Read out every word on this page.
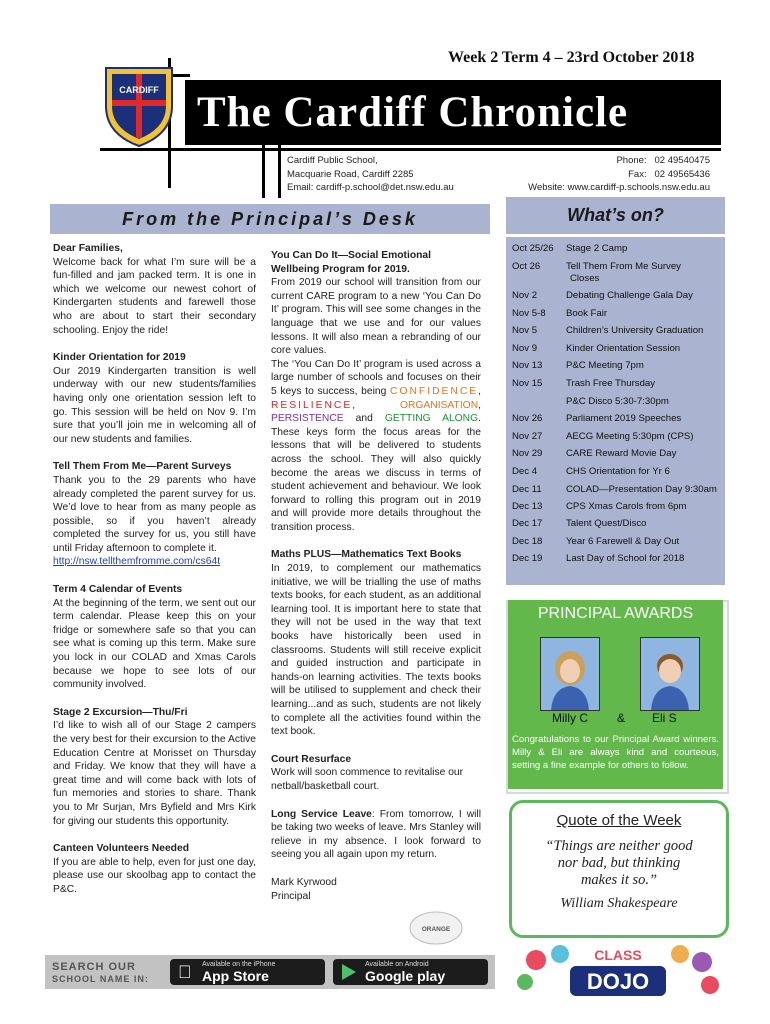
Week 2 Term 4 – 23rd October 2018
The Cardiff Chronicle
CARDIFF
Cardiff Public School,
Macquarie Road, Cardiff 2285
Email: cardiff-p.school@det.nsw.edu.au
Phone: 02 49540475
Fax: 02 49565436
Website: www.cardiff-p.schools.nsw.edu.au
From the Principal’s Desk	What’s on?

Dear Families,

Welcome back for what I’m sure will be a fun-filled and jam packed term. It is one in which we welcome our newest cohort of Kindergarten students and farewell those who are about to start their secondary schooling. Enjoy the ride!

Kinder Orientation for 2019

Our 2019 Kindergarten transition is well underway with our new students/families having only one orientation session left to go. This session will be held on Nov 9. I’m sure that you’ll join me in welcoming all of our new students and families.

Tell Them From Me—Parent Surveys

Thank you to the 29 parents who have already completed the parent survey for us. We’d love to hear from as many people as possible, so if you haven’t already completed the survey for us, you still have until Friday afternoon to complete it.

http://nsw.tellthemfromme.com/cs64t

Term 4 Calendar of Events

At the beginning of the term, we sent out our term calendar. Please keep this on your fridge or somewhere safe so that you can see what is coming up this term. Make sure you lock in our COLAD and Xmas Carols because we hope to see lots of our community involved.

Stage 2 Excursion—Thu/Fri

I’d like to wish all of our Stage 2 campers the very best for their excursion to the Active Education Centre at Morisset on Thursday and Friday. We know that they will have a great time and will come back with lots of fun memories and stories to share. Thank you to Mr Surjan, Mrs Byfield and Mrs Kirk for giving our students this opportunity.

Canteen Volunteers Needed

If you are able to help, even for just one day, please use our skoolbag app to contact the P&C.

You Can Do It—Social Emotional Wellbeing Program for 2019.

From 2019 our school will transition from our current CARE program to a new ‘You Can Do It’ program. This will see some changes in the language that we use and for our values lessons. It will also mean a rebranding of our core values.

The ‘You Can Do It’ program is used across a large number of schools and focuses on their 5 keys to success, being CONFIDENCE, RESILIENCE, ORGANISATION, PERSISTENCE and GETTING ALONG. These keys form the focus areas for the lessons that will be delivered to students across the school. They will also quickly become the areas we discuss in terms of student achievement and behaviour. We look forward to rolling this program out in 2019 and will provide more details throughout the transition process.

Maths PLUS—Mathematics Text Books

In 2019, to complement our mathematics initiative, we will be trialling the use of maths texts books, for each student, as an additional learning tool. It is important here to state that they will not be used in the way that text books have historically been used in classrooms. Students will still receive explicit and guided instruction and participate in hands-on learning activities. The texts books will be utilised to supplement and check their learning...and as such, students are not likely to complete all the activities found within the text book.

Court Resurface

Work will soon commence to revitalise our netball/basketball court.

Long Service Leave: From tomorrow, I will be taking two weeks of leave. Mrs Stanley will relieve in my absence. I look forward to seeing you all again upon my return.

Mark Kyrwood

Principal

ORANGE
Oct 25/26 Stage 2 Camp
Oct 26	Tell Them From Me Survey
Closes
Nov 2	Debating Challenge Gala Day
Nov 5-8 Book Fair
Nov 5	Children’s University Graduation
Nov 9	Kinder Orientation Session
Nov 13 P&C Meeting 7pm
Nov 15 Trash Free Thursday
P&C Disco 5:30-7:30pm
Nov 26 Parliament 2019 Speeches
Nov 27 AECG Meeting 5:30pm (CPS)
Nov 29 CARE Reward Movie Day
Dec 4	CHS Orientation for Yr 6
Dec 11	COLAD—Presentation Day 9:30am
Dec 13 CPS Xmas Carols from 6pm
Dec 17 Talent Quest/Disco
Dec 18 Year 6 Farewell & Day Out
Dec 19 Last Day of School for 2018
PRINCIPAL AWARDS
Milly C & Eli S
Congratulations to our Principal Award winners. Milly & Eli are always kind and courteous, setting a fine example for others to follow.
Quote of the Week
“Things are neither good
nor bad, but thinking
makes it so.”
William Shakespeare
SEARCH OUR
SCHOOL NAME IN:
Available on the iPhone
App Store
Available on Android
Google play
CLASS
DOJO
